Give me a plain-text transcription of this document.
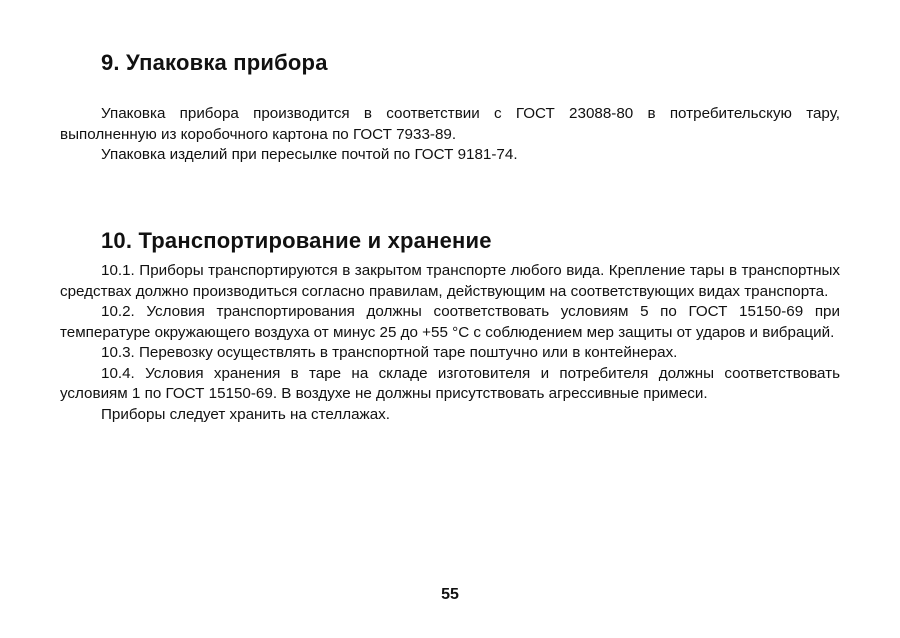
9. Упаковка прибора

Упаковка прибора производится в соответствии с ГОСТ 23088-80 в потребительскую тару, выполненную из коробочного картона по ГОСТ 7933-89.

Упаковка изделий при пересылке почтой по ГОСТ 9181-74.

10. Транспортирование и хранение

10.1. Приборы транспортируются в закрытом транспорте любого вида. Крепление тары в транспортных средствах должно производиться согласно правилам, действующим на соответствующих видах транспорта.

10.2. Условия транспортирования должны соответствовать условиям 5 по ГОСТ 15150-69 при температуре окружающего воздуха от минус 25 до +55 °С с соблюдением мер защиты от ударов и вибраций.

10.3. Перевозку осуществлять в транспортной таре поштучно или в контейнерах.

10.4. Условия хранения в таре на складе изготовителя и потребителя должны соответствовать условиям 1 по ГОСТ 15150-69. В воздухе не должны присутствовать агрессивные примеси.

Приборы следует хранить на стеллажах.

55
